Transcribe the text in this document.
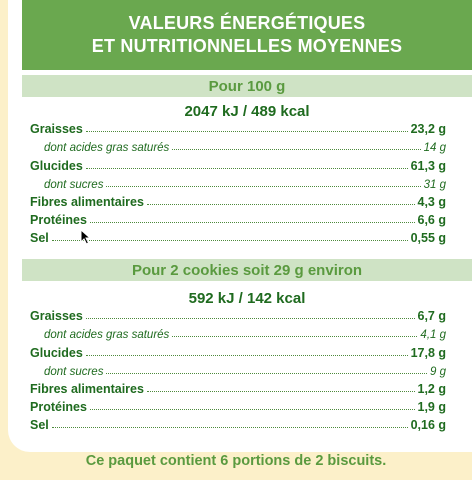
VALEURS ÉNERGÉTIQUES
ET NUTRITIONNELLES MOYENNES
Pour 100 g
2047 kJ / 489 kcal
Graisses	23,2 g
dont acides gras saturés	14 g
Glucides	61,3 g
dont sucres	31 g
Fibres alimentaires	4,3 g
Protéines	6,6 g
Sel	0,55 g
Pour 2 cookies soit 29 g environ
592 kJ / 142 kcal
Graisses	6,7 g
dont acides gras saturés	4,1 g
Glucides	17,8 g
dont sucres	9 g
Fibres alimentaires	1,2 g
Protéines	1,9 g
Sel	0,16 g
Ce paquet contient 6 portions de 2 biscuits.
